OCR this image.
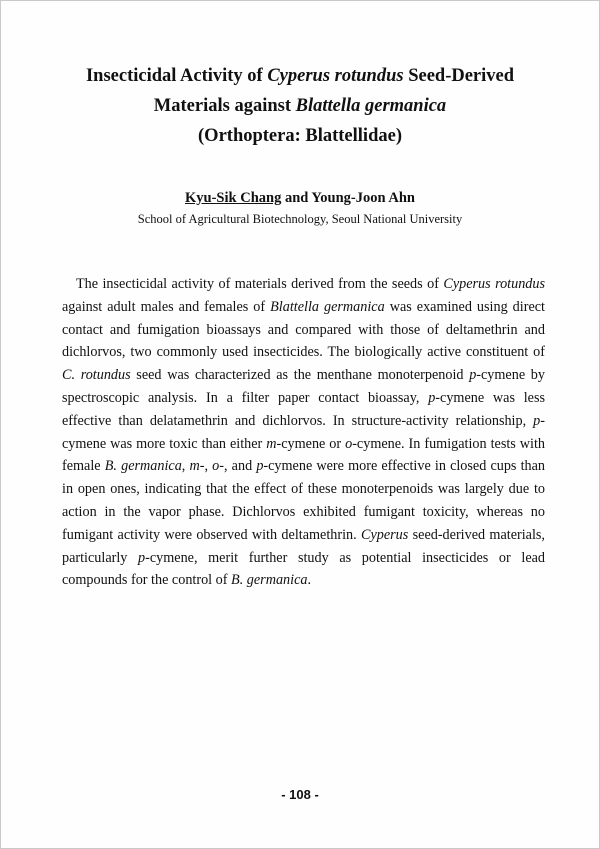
Insecticidal Activity of Cyperus rotundus Seed-Derived
Materials against Blattella germanica
(Orthoptera: Blattellidae)
Kyu-Sik Chang and Young-Joon Ahn
School of Agricultural Biotechnology, Seoul National University
The insecticidal activity of materials derived from the seeds of Cyperus rotundus against adult males and females of Blattella germanica was examined using direct contact and fumigation bioassays and compared with those of deltamethrin and dichlorvos, two commonly used insecticides. The biologically active constituent of C. rotundus seed was characterized as the menthane monoterpenoid p-cymene by spectroscopic analysis. In a filter paper contact bioassay, p-cymene was less effective than delatamethrin and dichlorvos. In structure-activity relationship, p-cymene was more toxic than either m-cymene or o-cymene. In fumigation tests with female B. germanica, m-, o-, and p-cymene were more effective in closed cups than in open ones, indicating that the effect of these monoterpenoids was largely due to action in the vapor phase. Dichlorvos exhibited fumigant toxicity, whereas no fumigant activity were observed with deltamethrin. Cyperus seed-derived materials, particularly p-cymene, merit further study as potential insecticides or lead compounds for the control of B. germanica.
- 108 -
